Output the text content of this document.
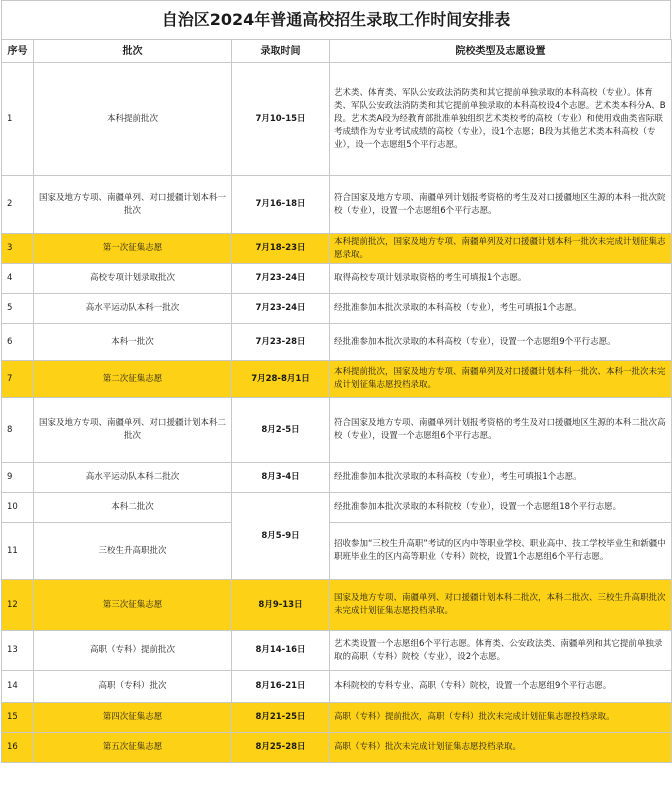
自治区2024年普通高校招生录取工作时间安排表
序号	批次	录取时间	院校类型及志愿设置
1	本科提前批次	7月10-15日	艺术类、体育类、军队公安政法消防类和其它提前单独录取的本科高校（专业）。体育类、军队公安政法消防类和其它提前单独录取的本科高校设4个志愿。艺术类本科分A、B段。艺术类A段为经教育部批准单独组织艺术类校考的高校（专业）和使用戏曲类省际联考成绩作为专业考试成绩的高校（专业），设1个志愿；B段为其他艺术类本科高校（专业），设一个志愿组5个平行志愿。
2	国家及地方专项、南疆单列、对口援疆计划本科一批次	7月16-18日	符合国家及地方专项、南疆单列计划报考资格的考生及对口援疆地区生源的本科一批次院校（专业），设置一个志愿组6个平行志愿。
3	第一次征集志愿	7月18-23日	本科提前批次，国家及地方专项、南疆单列及对口援疆计划本科一批次未完成计划征集志愿录取。
4	高校专项计划录取批次	7月23-24日	取得高校专项计划录取资格的考生可填报1个志愿。
5	高水平运动队本科一批次	7月23-24日	经批准参加本批次录取的本科高校（专业），考生可填报1个志愿。
6	本科一批次	7月23-28日	经批准参加本批次录取的本科高校（专业），设置一个志愿组9个平行志愿。
7	第二次征集志愿	7月28-8月1日	本科提前批次，国家及地方专项、南疆单列及对口援疆计划本科一批次、本科一批次未完成计划征集志愿投档录取。
8	国家及地方专项、南疆单列、对口援疆计划本科二批次	8月2-5日	符合国家及地方专项、南疆单列计划报考资格的考生及对口援疆地区生源的本科二批次高校（专业），设置一个志愿组6个平行志愿。
9	高水平运动队本科二批次	8月3-4日	经批准参加本批次录取的本科高校（专业），考生可填报1个志愿。
10	本科二批次	8月5-9日	经批准参加本批次录取的本科院校（专业），设置一个志愿组18个平行志愿。
11	三校生升高职批次		招收参加“三校生升高职”考试的区内中等职业学校、职业高中、技工学校毕业生和新疆中职班毕业生的区内高等职业（专科）院校，设置1个志愿组6个平行志愿。
12	第三次征集志愿	8月9-13日	国家及地方专项、南疆单列、对口援疆计划本科二批次，本科二批次、三校生升高职批次未完成计划征集志愿投档录取。
13	高职（专科）提前批次	8月14-16日	艺术类设置一个志愿组6个平行志愿。体育类、公安政法类、南疆单列和其它提前单独录取的高职（专科）院校（专业），设2个志愿。
14	高职（专科）批次	8月16-21日	本科院校的专科专业、高职（专科）院校，设置一个志愿组9个平行志愿。
15	第四次征集志愿	8月21-25日	高职（专科）提前批次，高职（专科）批次未完成计划征集志愿投档录取。
16	第五次征集志愿	8月25-28日	高职（专科）批次未完成计划征集志愿投档录取。
